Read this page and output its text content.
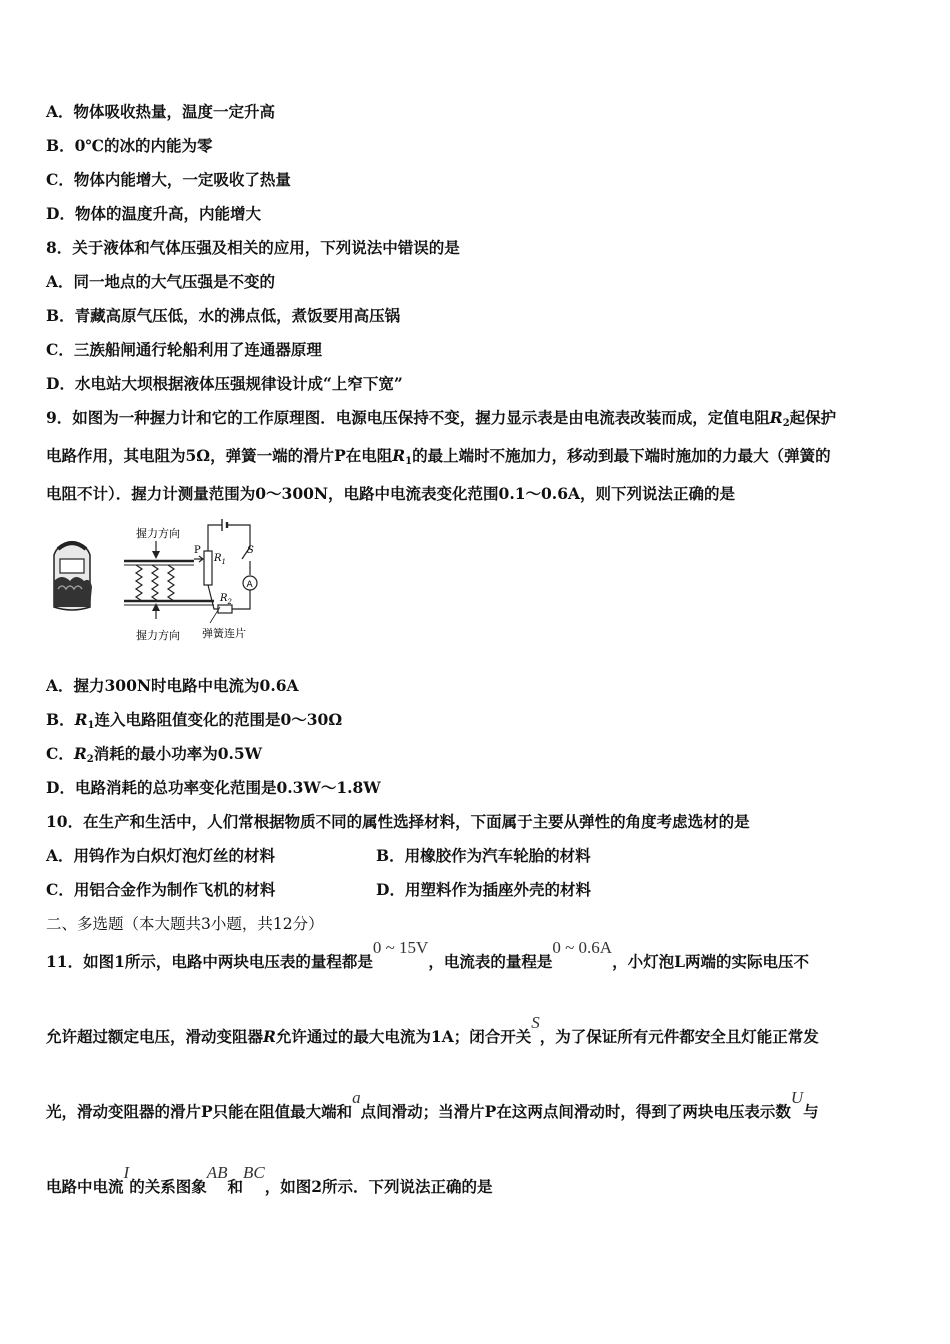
A．物体吸收热量，温度一定升高
B．0℃的冰的内能为零
C．物体内能增大，一定吸收了热量
D．物体的温度升高，内能增大
8．关于液体和气体压强及相关的应用，下列说法中错误的是
A．同一地点的大气压强是不变的
B．青藏高原气压低，水的沸点低，煮饭要用高压锅
C．三族船闸通行轮船利用了连通器原理
D．水电站大坝根据液体压强规律设计成“上窄下宽”
9．如图为一种握力计和它的工作原理图．电源电压保持不变，握力显示表是由电流表改装而成，定值电阻$R_2$起保护
电路作用，其电阻为5Ω，弹簧一端的滑片P在电阻$R_1$的最上端时不施加力，移动到最下端时施加的力最大（弹簧的
电阻不计）．握力计测量范围为0～300N，电路中电流表变化范围0.1～0.6A，则下列说法正确的是
握力方向
握力方向 弹簧连片
P
$R_1$
S
A
$R_2$
A．握力300N时电路中电流为0.6A
B．$R_1$连入电路阻值变化的范围是0～30Ω
C．$R_2$消耗的最小功率为0.5W
D．电路消耗的总功率变化范围是0.3W～1.8W
10．在生产和生活中，人们常根据物质不同的属性选择材料，下面属于主要从弹性的角度考虑选材的是
A．用钨作为白炽灯泡灯丝的材料	B．用橡胶作为汽车轮胎的材料
C．用铝合金作为制作飞机的材料	D．用塑料作为插座外壳的材料
二、多选题（本大题共3小题，共12分）
11．如图1所示，电路中两块电压表的量程都是0 ~ 15V，电流表的量程是0 ~ 0.6A，小灯泡L两端的实际电压不
允许超过额定电压，滑动变阻器R允许通过的最大电流为1A；闭合开关S，为了保证所有元件都安全且灯能正常发
光，滑动变阻器的滑片P只能在阻值最大端和a点间滑动；当滑片P在这两点间滑动时，得到了两块电压表示数U与
电路中电流I的关系图象AB和BC，如图2所示．下列说法正确的是
